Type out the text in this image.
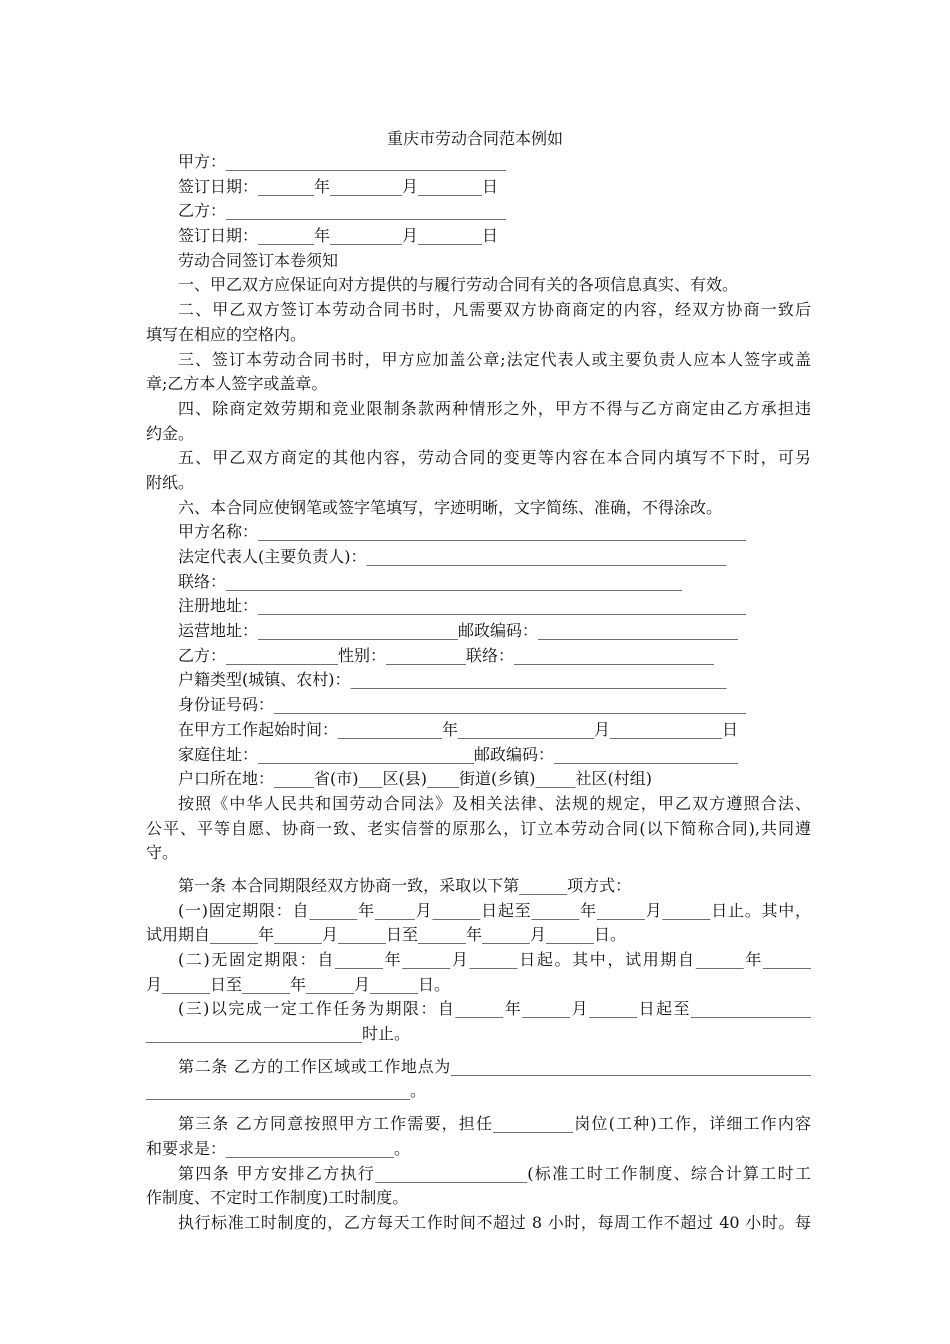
重庆市劳动合同范本例如
甲方：___________________________________
签订日期：_______年_________月________日
乙方：___________________________________
签订日期：_______年_________月________日
劳动合同签订本卷须知
一、甲乙双方应保证向对方提供的与履行劳动合同有关的各项信息真实、有效。
二、甲乙双方签订本劳动合同书时，凡需要双方协商商定的内容，经双方协商一致后
填写在相应的空格内。
三、签订本劳动合同书时，甲方应加盖公章;法定代表人或主要负责人应本人签字或盖
章;乙方本人签字或盖章。
四、除商定效劳期和竞业限制条款两种情形之外，甲方不得与乙方商定由乙方承担违
约金。
五、甲乙双方商定的其他内容，劳动合同的变更等内容在本合同内填写不下时，可另
附纸。
六、本合同应使钢笔或签字笔填写，字迹明晰，文字简练、准确，不得涂改。
甲方名称：_____________________________________________________________
法定代表人(主要负责人)：_____________________________________________
联络：_________________________________________________________
注册地址：_____________________________________________________________
运营地址：_________________________邮政编码：_________________________
乙方：______________性别：__________联络：_________________________
户籍类型(城镇、农村)：_______________________________________________
身份证号码：___________________________________________________________
在甲方工作起始时间：_____________年_________________月______________日
家庭住址：___________________________邮政编码：_______________________
户口所在地：_____省(市)___区(县)____街道(乡镇)_____社区(村组)
按照《中华人民共和国劳动合同法》及相关法律、法规的规定，甲乙双方遵照合法、
公平、平等自愿、协商一致、老实信誉的原那么，订立本劳动合同(以下简称合同),共同遵
守。
第一条 本合同期限经双方协商一致，采取以下第______项方式：
(一)固定期限：自______年_____月______日起至______年______月______日止。其中，
试用期自______年______月______日至______年______月______日。
(二)无固定期限：自______年______月______日起。其中，试用期自______年______
月______日至______年______月______日。
(三)以完成一定工作任务为期限：自______年______月______日起至_______________
___________________________时止。
第二条 乙方的工作区域或工作地点为_____________________________________________
_________________________________。
第三条 乙方同意按照甲方工作需要，担任__________岗位(工种)工作，详细工作内容
和要求是：_____________________。
第四条 甲方安排乙方执行___________________(标准工时工作制度、综合计算工时工
作制度、不定时工作制度)工时制度。
执行标准工时制度的，乙方每天工作时间不超过 8 小时，每周工作不超过 40 小时。每
